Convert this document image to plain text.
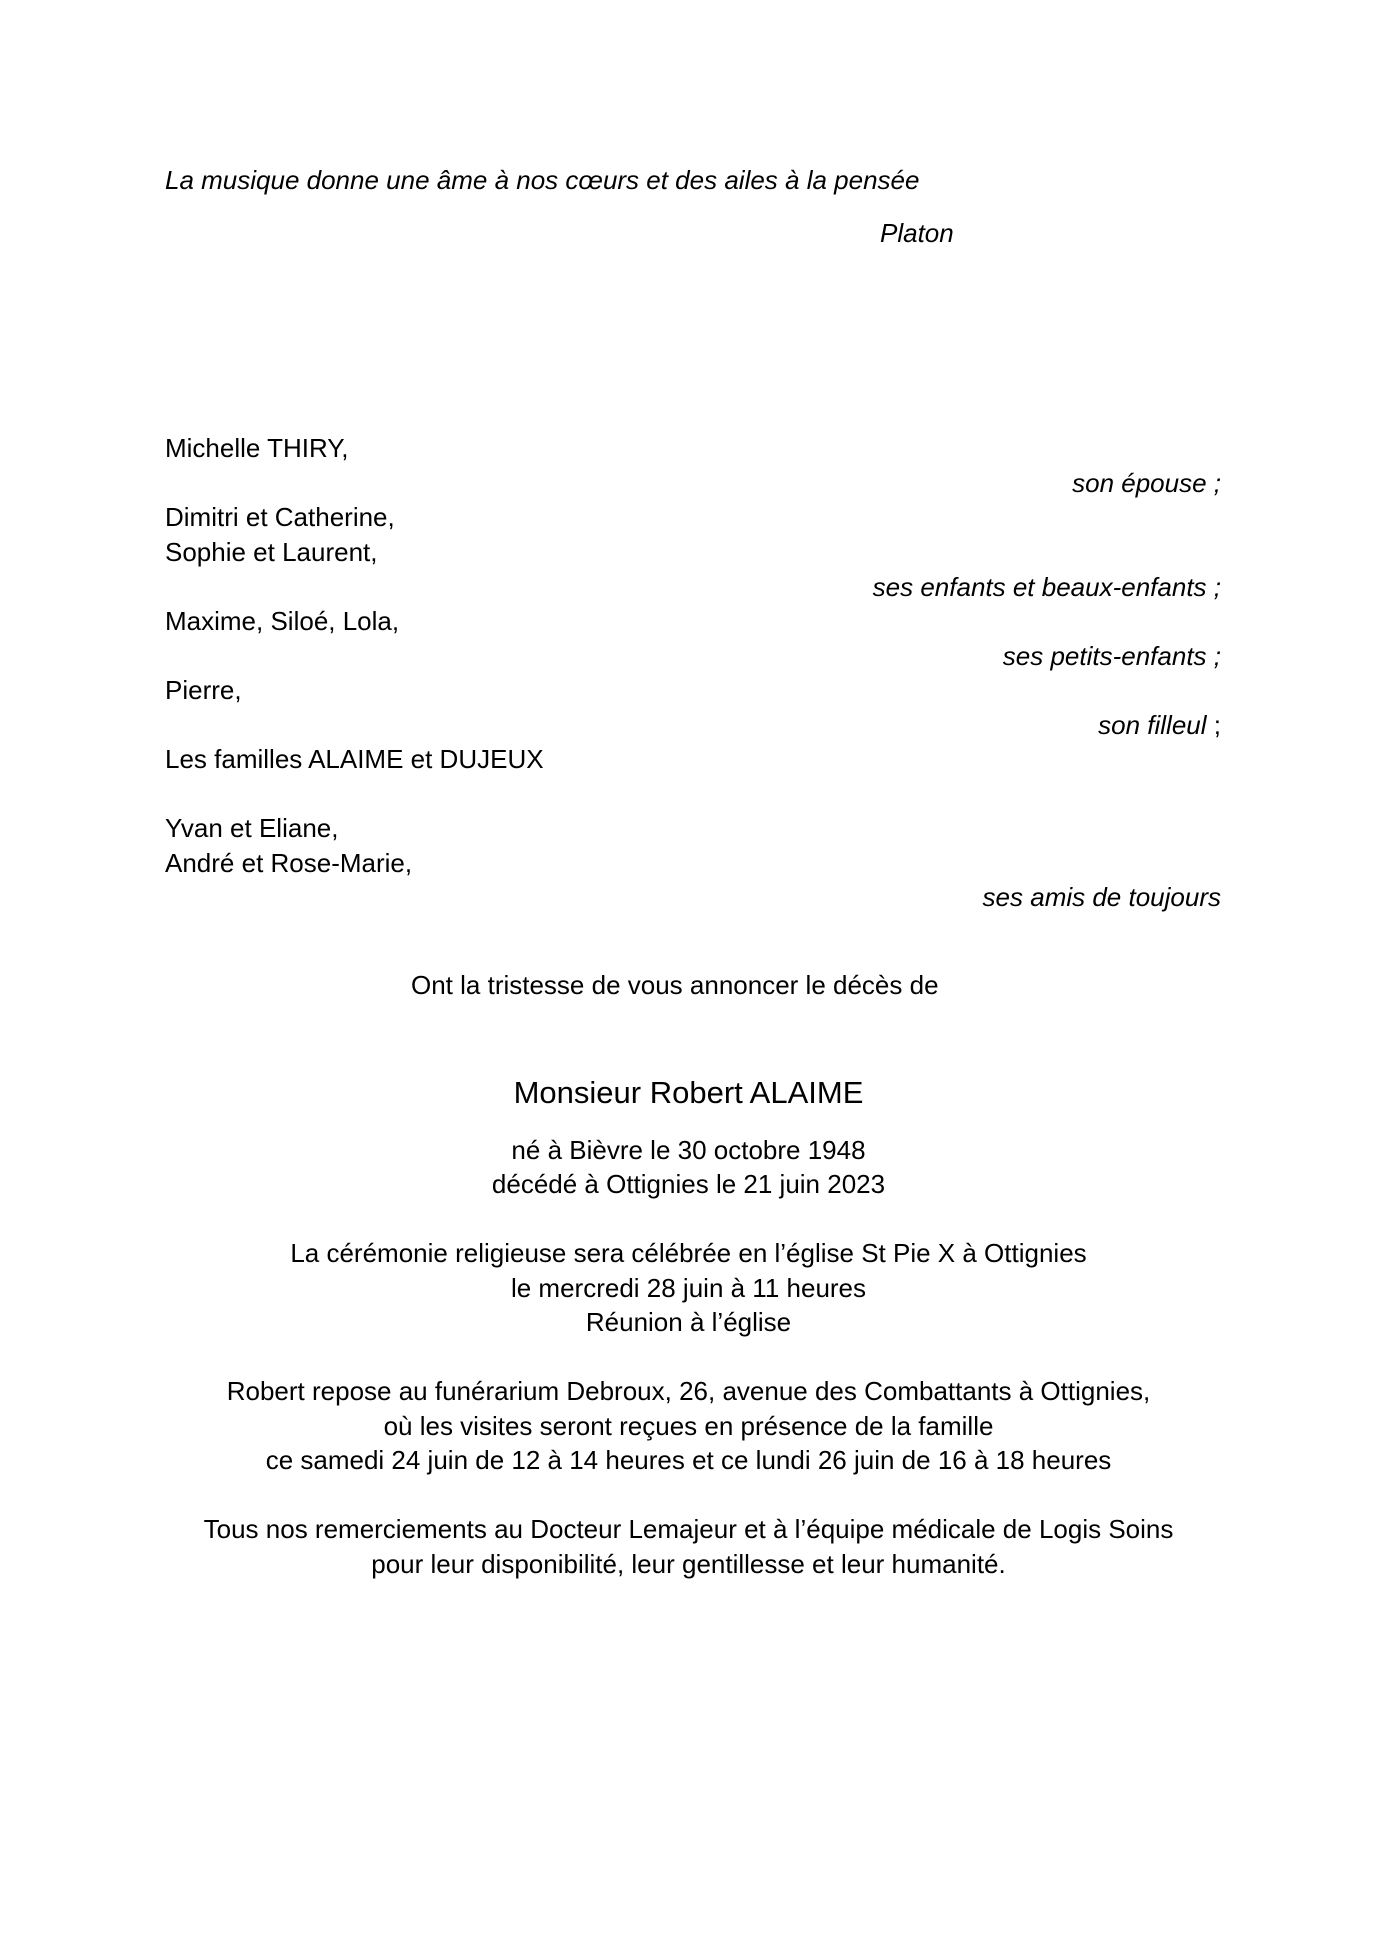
La musique donne une âme à nos cœurs et des ailes à la pensée
Platon
Michelle THIRY,
son épouse ;
Dimitri et Catherine,
Sophie et Laurent,
ses enfants et beaux-enfants ;
Maxime, Siloé, Lola,
ses petits-enfants ;
Pierre,
son filleul ;
Les familles ALAIME et DUJEUX
Yvan et Eliane,
André et Rose-Marie,
ses amis de toujours
Ont la tristesse de vous annoncer le décès de
Monsieur Robert ALAIME
né à Bièvre le 30 octobre 1948
décédé à Ottignies le 21 juin 2023
La cérémonie religieuse sera célébrée en l’église St Pie X à Ottignies
le mercredi 28 juin à 11 heures
Réunion à l’église
Robert repose au funérarium Debroux, 26, avenue des Combattants à Ottignies,
où les visites seront reçues en présence de la famille
ce samedi 24 juin de 12 à 14 heures et ce lundi 26 juin de 16 à 18 heures
Tous nos remerciements au Docteur Lemajeur et à l’équipe médicale de Logis Soins
pour leur disponibilité, leur gentillesse et leur humanité.
